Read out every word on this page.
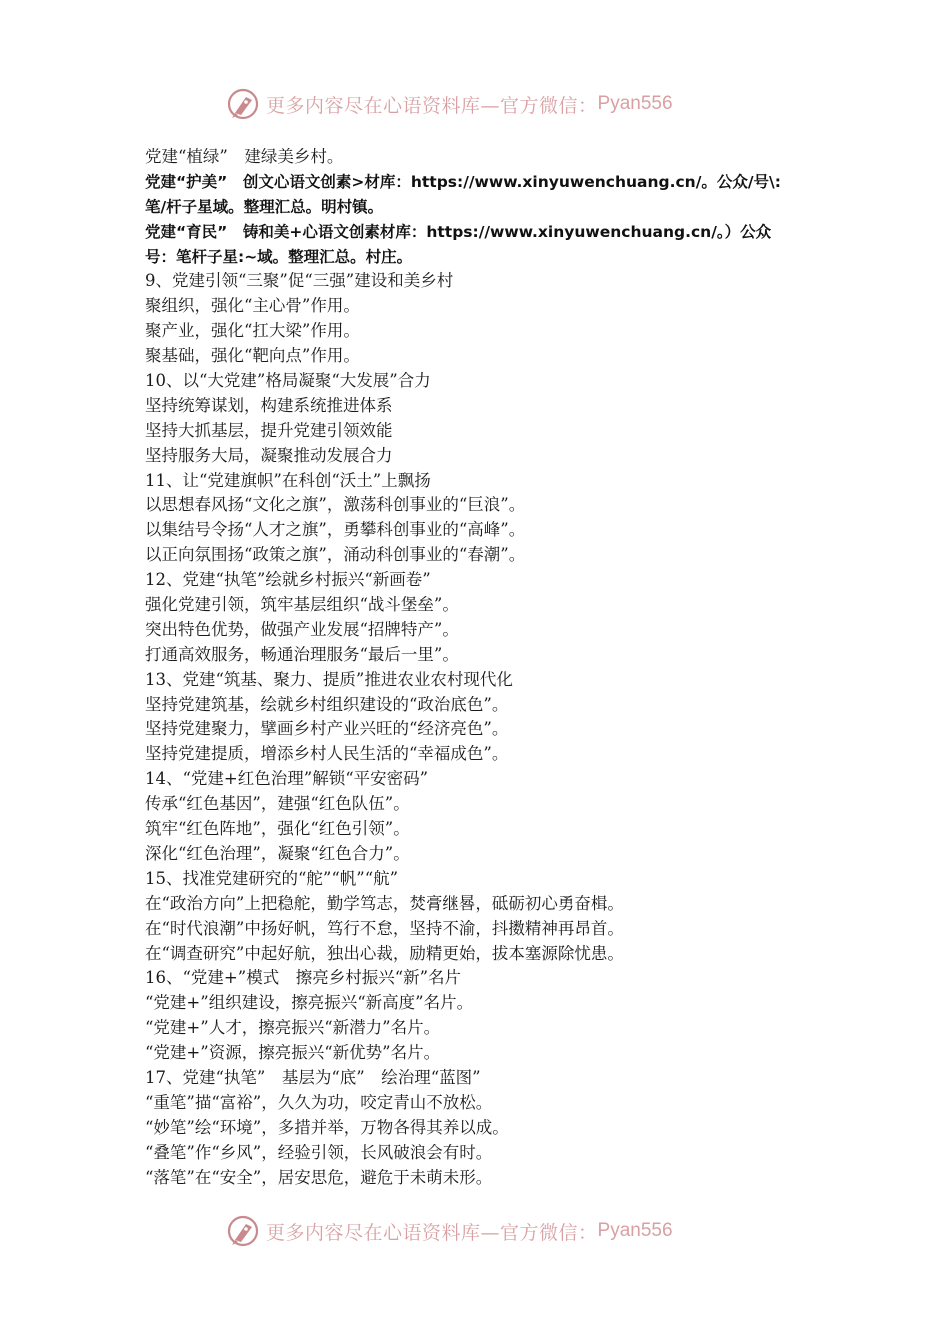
更多内容尽在心语资料库—官方微信： Pyan556
党建“植绿”　建绿美乡村。
党建“护美”　创文心语文创素>材库：https://www.xinyuwenchuang.cn/。公众/号\:
笔/杆子星域。整理汇总。明村镇。
党建“育民”　铸和美+心语文创素材库：https://www.xinyuwenchuang.cn/。）公众
号：笔杆子星:~域。整理汇总。村庄。
9、党建引领“三聚”促“三强”建设和美乡村
聚组织，强化“主心骨”作用。
聚产业，强化“扛大梁”作用。
聚基础，强化“靶向点”作用。
10、以“大党建”格局凝聚“大发展”合力
坚持统筹谋划，构建系统推进体系
坚持大抓基层，提升党建引领效能
坚持服务大局，凝聚推动发展合力
11、让“党建旗帜”在科创“沃土”上飘扬
以思想春风扬“文化之旗”，激荡科创事业的“巨浪”。
以集结号令扬“人才之旗”，勇攀科创事业的“高峰”。
以正向氛围扬“政策之旗”，涌动科创事业的“春潮”。
12、党建“执笔”绘就乡村振兴“新画卷”
强化党建引领，筑牢基层组织“战斗堡垒”。
突出特色优势，做强产业发展“招牌特产”。
打通高效服务，畅通治理服务“最后一里”。
13、党建“筑基、聚力、提质”推进农业农村现代化
坚持党建筑基，绘就乡村组织建设的“政治底色”。
坚持党建聚力，擘画乡村产业兴旺的“经济亮色”。
坚持党建提质，增添乡村人民生活的“幸福成色”。
14、“党建+红色治理”解锁“平安密码”
传承“红色基因”，建强“红色队伍”。
筑牢“红色阵地”，强化“红色引领”。
深化“红色治理”，凝聚“红色合力”。
15、找准党建研究的“舵”“帆”“航”
在“政治方向”上把稳舵，勤学笃志，焚膏继晷，砥砺初心勇奋楫。
在“时代浪潮”中扬好帆，笃行不怠，坚持不渝，抖擞精神再昂首。
在“调查研究”中起好航，独出心裁，励精更始，拔本塞源除忧患。
16、“党建+”模式　擦亮乡村振兴“新”名片
“党建+”组织建设，擦亮振兴“新高度”名片。
“党建+”人才，擦亮振兴“新潜力”名片。
“党建+”资源，擦亮振兴“新优势”名片。
17、党建“执笔”　基层为“底”　绘治理“蓝图”
“重笔”描“富裕”，久久为功，咬定青山不放松。
“妙笔”绘“环境”，多措并举，万物各得其养以成。
“叠笔”作“乡风”，经验引领，长风破浪会有时。
“落笔”在“安全”，居安思危，避危于未萌未形。
更多内容尽在心语资料库—官方微信： Pyan556
